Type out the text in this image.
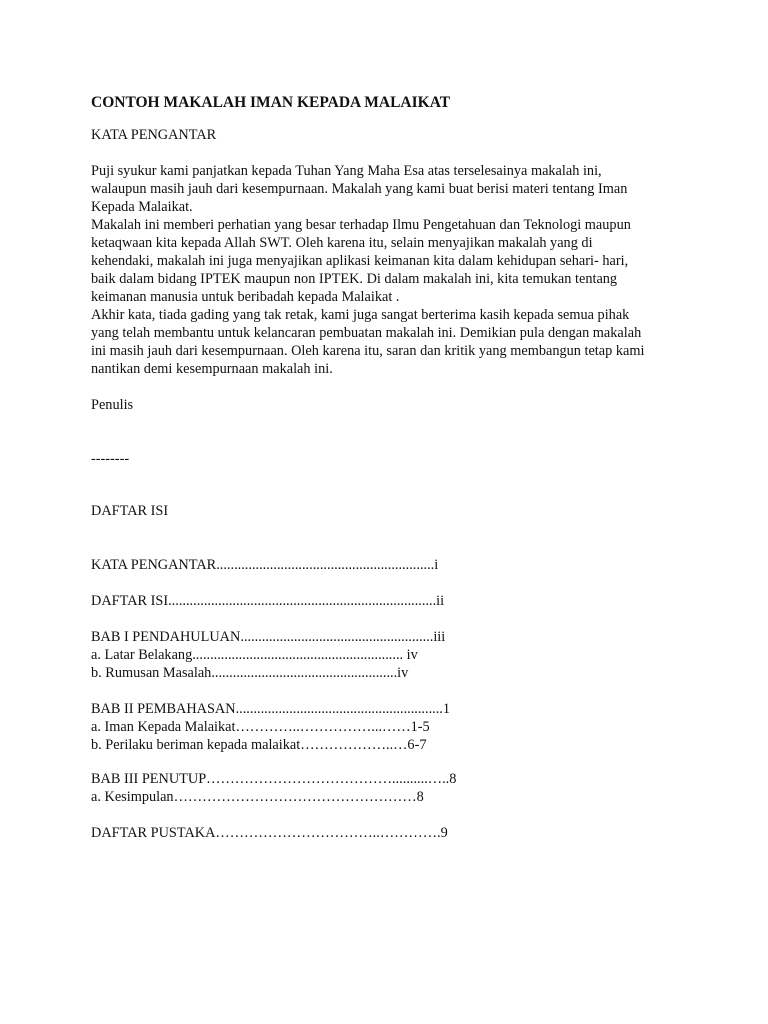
CONTOH MAKALAH IMAN KEPADA MALAIKAT
KATA PENGANTAR
Puji syukur kami panjatkan kepada Tuhan Yang Maha Esa atas terselesainya makalah ini,
walaupun masih jauh dari kesempurnaan. Makalah yang kami buat berisi materi tentang Iman
Kepada Malaikat.
Makalah ini memberi perhatian yang besar terhadap Ilmu Pengetahuan dan Teknologi maupun
ketaqwaan kita kepada Allah SWT. Oleh karena itu, selain menyajikan makalah yang di
kehendaki, makalah ini juga menyajikan aplikasi keimanan kita dalam kehidupan sehari- hari,
baik dalam bidang IPTEK maupun non IPTEK. Di dalam makalah ini, kita temukan tentang
keimanan manusia untuk beribadah kepada Malaikat .
Akhir kata, tiada gading yang tak retak, kami juga sangat berterima kasih kepada semua pihak
yang telah membantu untuk kelancaran pembuatan makalah ini. Demikian pula dengan makalah
ini masih jauh dari kesempurnaan. Oleh karena itu, saran dan kritik yang membangun tetap kami
nantikan demi kesempurnaan makalah ini.
Penulis
--------
DAFTAR ISI
KATA PENGANTAR.............................................................i
DAFTAR ISI...........................................................................ii
BAB I PENDAHULUAN......................................................iii
a. Latar Belakang........................................................... iv
b. Rumusan Masalah....................................................iv
BAB II PEMBAHASAN..........................................................1
a. Iman Kepada Malaikat…………..……………...……1-5
b. Perilaku beriman kepada malaikat………………..…6-7
BAB III PENUTUP…………………………………..........…..8
a. Kesimpulan……………………………………………8
DAFTAR PUSTAKA……………………………..………….9
